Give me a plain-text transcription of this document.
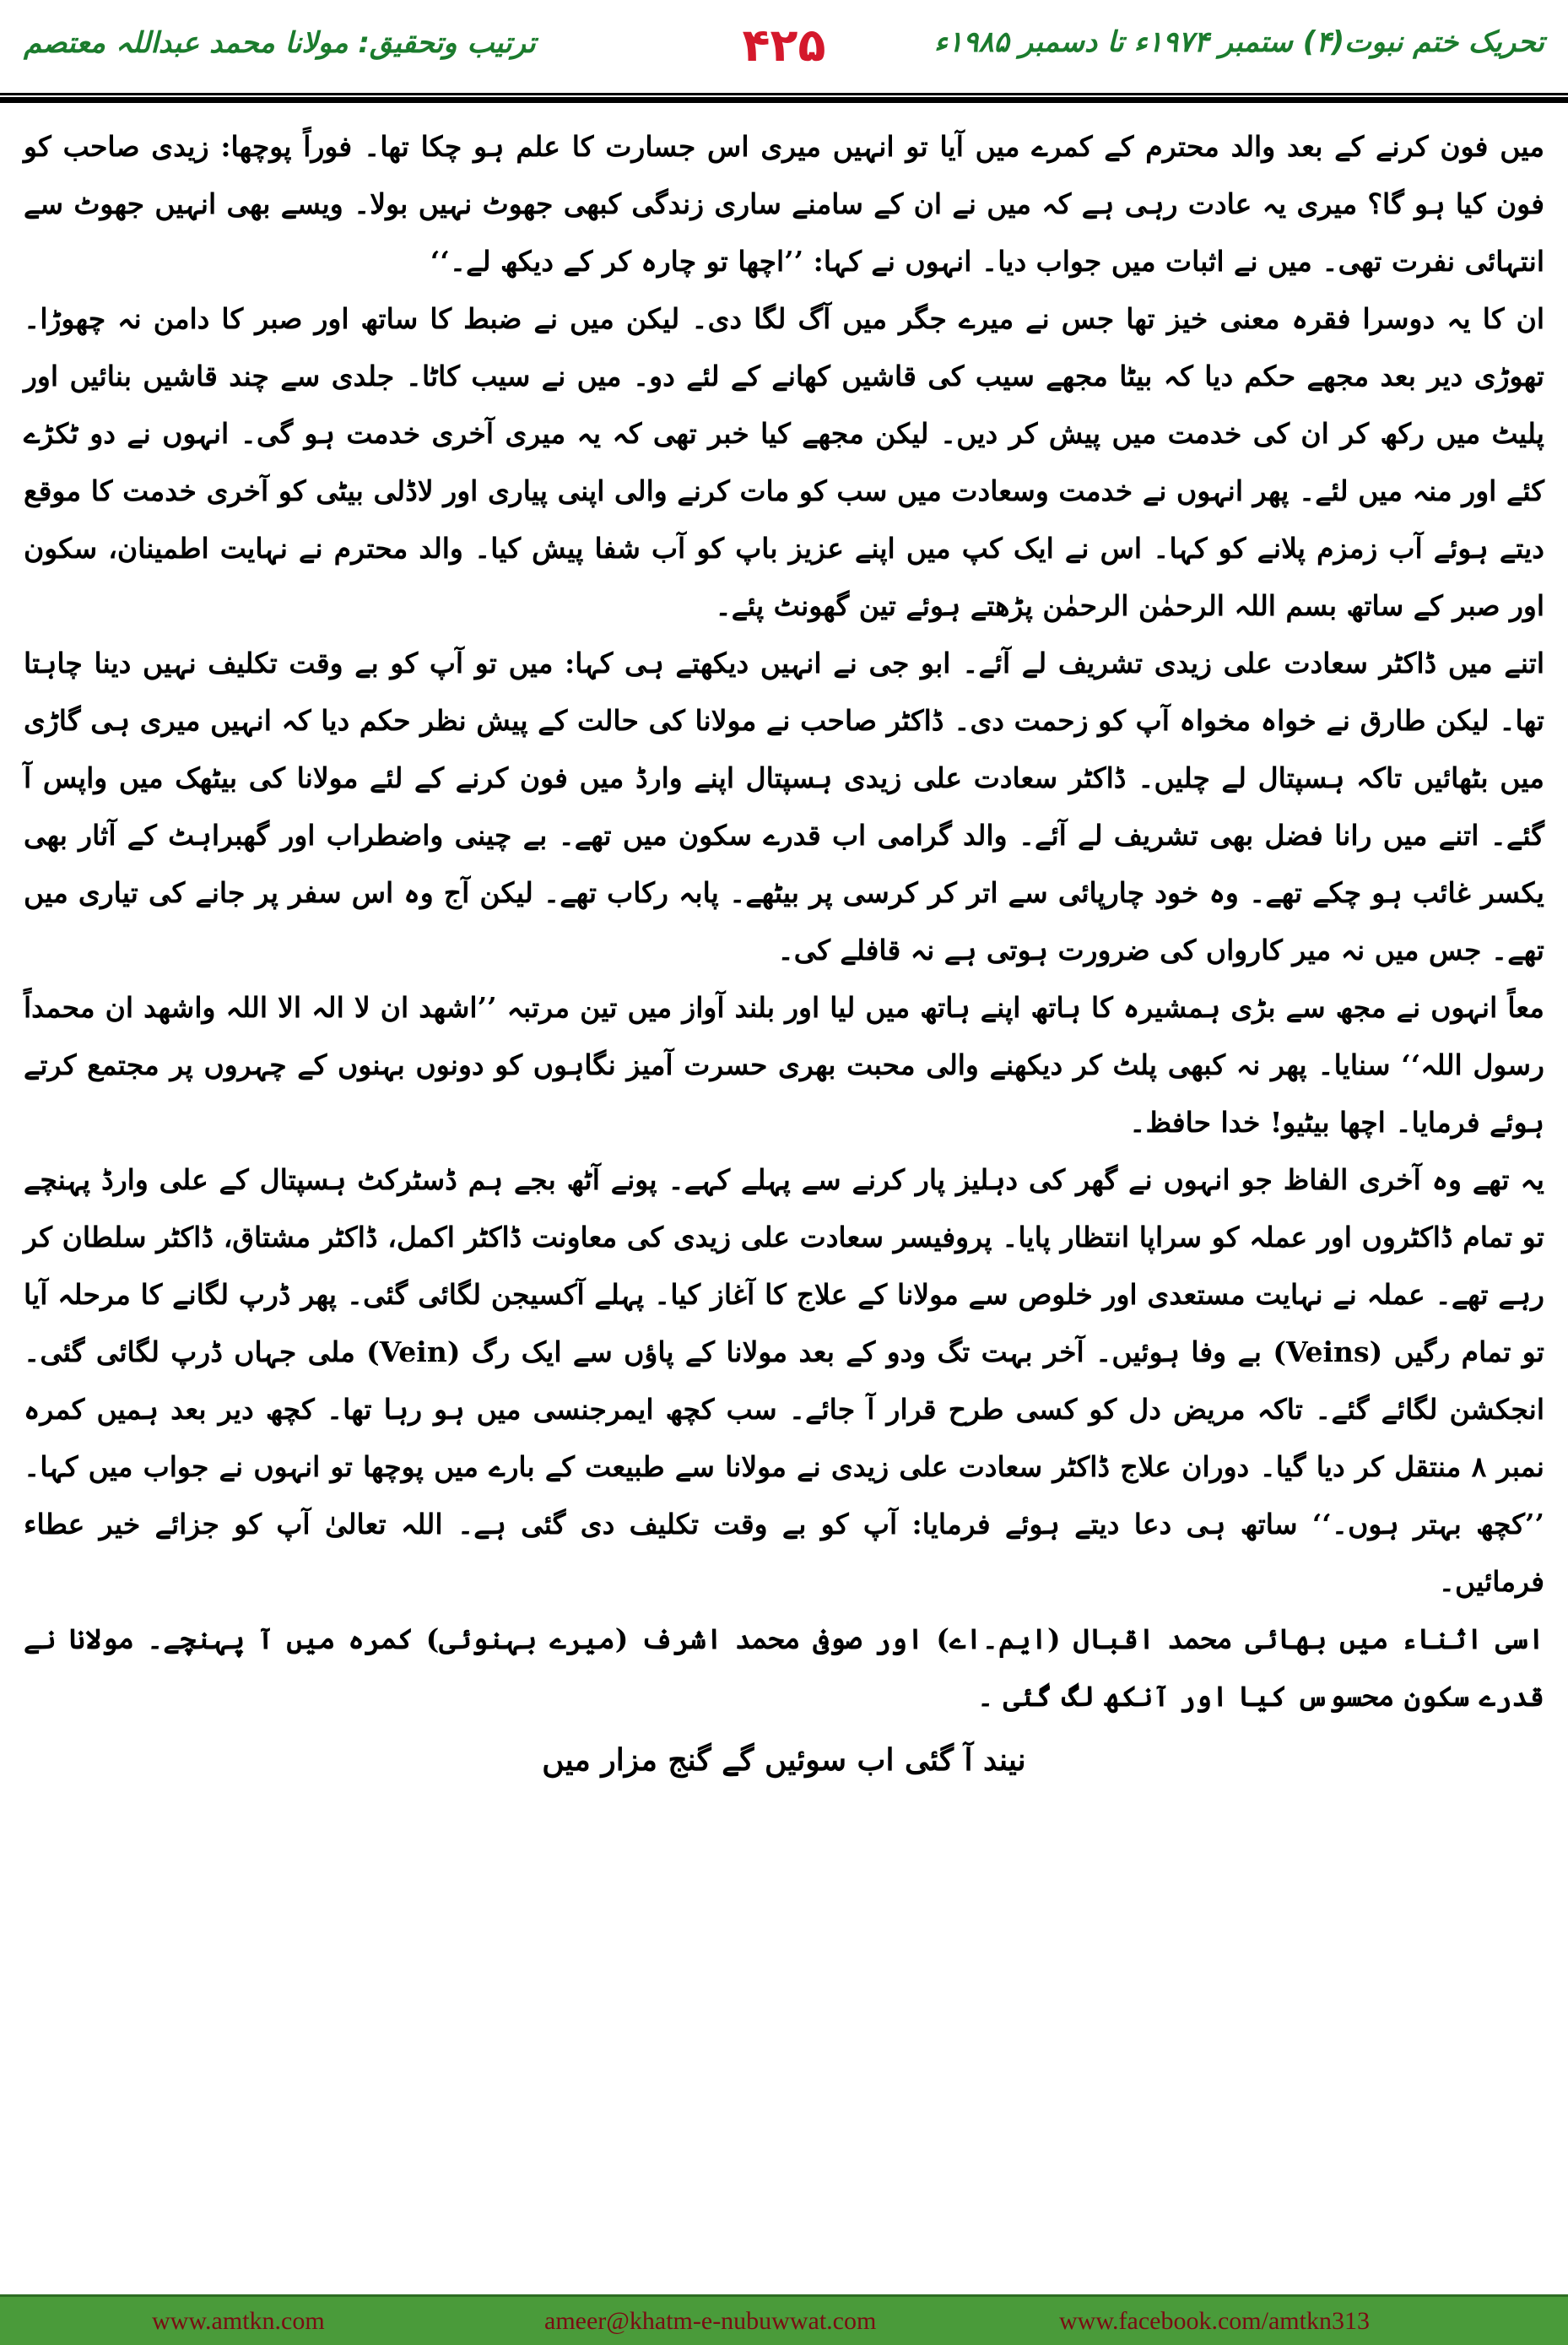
تحریک ختم نبوت(۴) ستمبر ۱۹۷۴ء تا دسمبر ۱۹۸۵ء
۴۲۵
ترتیب وتحقیق: مولانا محمد عبداللہ معتصم

میں فون کرنے کے بعد والد محترم کے کمرے میں آیا تو انہیں میری اس جسارت کا علم ہو چکا تھا۔ فوراً پوچھا: زیدی صاحب کو فون کیا ہو گا؟ میری یہ عادت رہی ہے کہ میں نے ان کے سامنے ساری زندگی کبھی جھوٹ نہیں بولا۔ ویسے بھی انہیں جھوٹ سے انتہائی نفرت تھی۔ میں نے اثبات میں جواب دیا۔ انہوں نے کہا: ’’اچھا تو چارہ کر کے دیکھ لے۔‘‘

ان کا یہ دوسرا فقرہ معنی خیز تھا جس نے میرے جگر میں آگ لگا دی۔ لیکن میں نے ضبط کا ساتھ اور صبر کا دامن نہ چھوڑا۔ تھوڑی دیر بعد مجھے حکم دیا کہ بیٹا مجھے سیب کی قاشیں کھانے کے لئے دو۔ میں نے سیب کاٹا۔ جلدی سے چند قاشیں بنائیں اور پلیٹ میں رکھ کر ان کی خدمت میں پیش کر دیں۔ لیکن مجھے کیا خبر تھی کہ یہ میری آخری خدمت ہو گی۔ انہوں نے دو ٹکڑے کئے اور منہ میں لئے۔ پھر انہوں نے خدمت وسعادت میں سب کو مات کرنے والی اپنی پیاری اور لاڈلی بیٹی کو آخری خدمت کا موقع دیتے ہوئے آب زمزم پلانے کو کہا۔ اس نے ایک کپ میں اپنے عزیز باپ کو آب شفا پیش کیا۔ والد محترم نے نہایت اطمینان، سکون اور صبر کے ساتھ بسم اللہ الرحمٰن الرحمٰن پڑھتے ہوئے تین گھونٹ پئے۔

اتنے میں ڈاکٹر سعادت علی زیدی تشریف لے آئے۔ ابو جی نے انہیں دیکھتے ہی کہا: میں تو آپ کو بے وقت تکلیف نہیں دینا چاہتا تھا۔ لیکن طارق نے خواہ مخواہ آپ کو زحمت دی۔ ڈاکٹر صاحب نے مولانا کی حالت کے پیش نظر حکم دیا کہ انہیں میری ہی گاڑی میں بٹھائیں تاکہ ہسپتال لے چلیں۔ ڈاکٹر سعادت علی زیدی ہسپتال اپنے وارڈ میں فون کرنے کے لئے مولانا کی بیٹھک میں واپس آ گئے۔ اتنے میں رانا فضل بھی تشریف لے آئے۔ والد گرامی اب قدرے سکون میں تھے۔ بے چینی واضطراب اور گھبراہٹ کے آثار بھی یکسر غائب ہو چکے تھے۔ وہ خود چارپائی سے اتر کر کرسی پر بیٹھے۔ پابہ رکاب تھے۔ لیکن آج وہ اس سفر پر جانے کی تیاری میں تھے۔ جس میں نہ میر کارواں کی ضرورت ہوتی ہے نہ قافلے کی۔

معاً انہوں نے مجھ سے بڑی ہمشیرہ کا ہاتھ اپنے ہاتھ میں لیا اور بلند آواز میں تین مرتبہ ’’اشھد ان لا الہ الا اللہ واشھد ان محمداً رسول اللہ‘‘ سنایا۔ پھر نہ کبھی پلٹ کر دیکھنے والی محبت بھری حسرت آمیز نگاہوں کو دونوں بہنوں کے چہروں پر مجتمع کرتے ہوئے فرمایا۔ اچھا بیٹیو! خدا حافظ۔

یہ تھے وہ آخری الفاظ جو انہوں نے گھر کی دہلیز پار کرنے سے پہلے کہے۔ پونے آٹھ بجے ہم ڈسٹرکٹ ہسپتال کے علی وارڈ پہنچے تو تمام ڈاکٹروں اور عملہ کو سراپا انتظار پایا۔ پروفیسر سعادت علی زیدی کی معاونت ڈاکٹر اکمل، ڈاکٹر مشتاق، ڈاکٹر سلطان کر رہے تھے۔ عملہ نے نہایت مستعدی اور خلوص سے مولانا کے علاج کا آغاز کیا۔ پہلے آکسیجن لگائی گئی۔ پھر ڈرپ لگانے کا مرحلہ آیا تو تمام رگیں (Veins) بے وفا ہوئیں۔ آخر بہت تگ ودو کے بعد مولانا کے پاؤں سے ایک رگ (Vein) ملی جہاں ڈرپ لگائی گئی۔ انجکشن لگائے گئے۔ تاکہ مریض دل کو کسی طرح قرار آ جائے۔ سب کچھ ایمرجنسی میں ہو رہا تھا۔ کچھ دیر بعد ہمیں کمرہ نمبر ۸ منتقل کر دیا گیا۔ دوران علاج ڈاکٹر سعادت علی زیدی نے مولانا سے طبیعت کے بارے میں پوچھا تو انہوں نے جواب میں کہا۔ ’’کچھ بہتر ہوں۔‘‘ ساتھ ہی دعا دیتے ہوئے فرمایا: آپ کو بے وقت تکلیف دی گئی ہے۔ اللہ تعالیٰ آپ کو جزائے خیر عطاء فرمائیں۔

اسی اثناء میں بھائی محمد اقبال (ایم۔اے) اور صوفی محمد اشرف (میرے بہنوئی) کمرہ میں آ پہنچے۔ مولانا نے قدرے سکون محسوس کیا اور آنکھ لگ گئی ۔

نیند آ گئی اب سوئیں گے گنج مزار میں
www.amtkn.com	ameer@khatm-e-nubuwwat.com	www.facebook.com/amtkn313
